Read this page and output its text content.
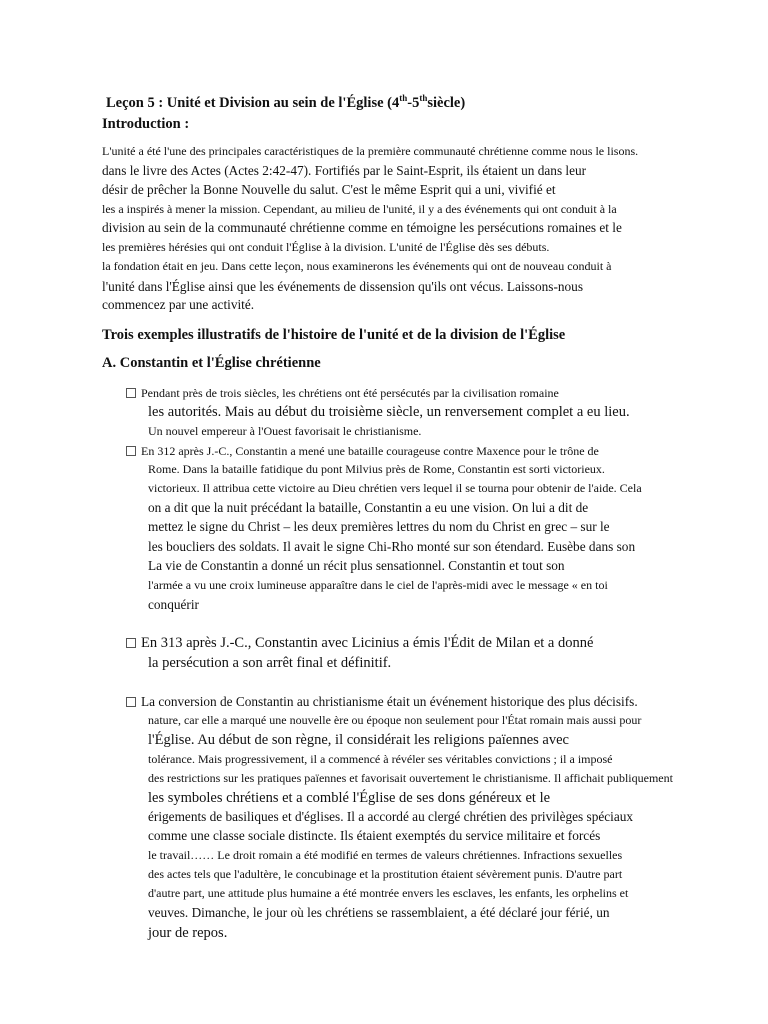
Leçon 5 : Unité et Division au sein de l'Église (4th-5thsiècle)
Introduction :
L'unité a été l'une des principales caractéristiques de la première communauté chrétienne comme nous le lisons.
dans le livre des Actes (Actes 2:42-47). Fortifiés par le Saint-Esprit, ils étaient un dans leur
désir de prêcher la Bonne Nouvelle du salut. C'est le même Esprit qui a uni, vivifié et
les a inspirés à mener la mission. Cependant, au milieu de l'unité, il y a des événements qui ont conduit à la
division au sein de la communauté chrétienne comme en témoigne les persécutions romaines et le
les premières hérésies qui ont conduit l'Église à la division. L'unité de l'Église dès ses débuts.
la fondation était en jeu. Dans cette leçon, nous examinerons les événements qui ont de nouveau conduit à
l'unité dans l'Église ainsi que les événements de dissension qu'ils ont vécus. Laissons-nous
commencez par une activité.
Trois exemples illustratifs de l'histoire de l'unité et de la division de l'Église
A. Constantin et l'Église chrétienne
Pendant près de trois siècles, les chrétiens ont été persécutés par la civilisation romaine
les autorités. Mais au début du troisième siècle, un renversement complet a eu lieu.
Un nouvel empereur à l'Ouest favorisait le christianisme.
En 312 après J.-C., Constantin a mené une bataille courageuse contre Maxence pour le trône de
Rome. Dans la bataille fatidique du pont Milvius près de Rome, Constantin est sorti victorieux.
victorieux. Il attribua cette victoire au Dieu chrétien vers lequel il se tourna pour obtenir de l'aide. Cela
on a dit que la nuit précédant la bataille, Constantin a eu une vision. On lui a dit de
mettez le signe du Christ – les deux premières lettres du nom du Christ en grec – sur le
les boucliers des soldats. Il avait le signe Chi-Rho monté sur son étendard. Eusèbe dans son
La vie de Constantin a donné un récit plus sensationnel. Constantin et tout son
l'armée a vu une croix lumineuse apparaître dans le ciel de l'après-midi avec le message « en toi
conquérir
En 313 après J.-C., Constantin avec Licinius a émis l'Édit de Milan et a donné
la persécution a son arrêt final et définitif.
La conversion de Constantin au christianisme était un événement historique des plus décisifs.
nature, car elle a marqué une nouvelle ère ou époque non seulement pour l'État romain mais aussi pour
l'Église. Au début de son règne, il considérait les religions païennes avec
tolérance. Mais progressivement, il a commencé à révéler ses véritables convictions ; il a imposé
des restrictions sur les pratiques païennes et favorisait ouvertement le christianisme. Il affichait publiquement
les symboles chrétiens et a comblé l'Église de ses dons généreux et le
érigements de basiliques et d'églises. Il a accordé au clergé chrétien des privilèges spéciaux
comme une classe sociale distincte. Ils étaient exemptés du service militaire et forcés
le travail…… Le droit romain a été modifié en termes de valeurs chrétiennes. Infractions sexuelles
des actes tels que l'adultère, le concubinage et la prostitution étaient sévèrement punis. D'autre part
d'autre part, une attitude plus humaine a été montrée envers les esclaves, les enfants, les orphelins et
veuves. Dimanche, le jour où les chrétiens se rassemblaient, a été déclaré jour férié, un
jour de repos.
